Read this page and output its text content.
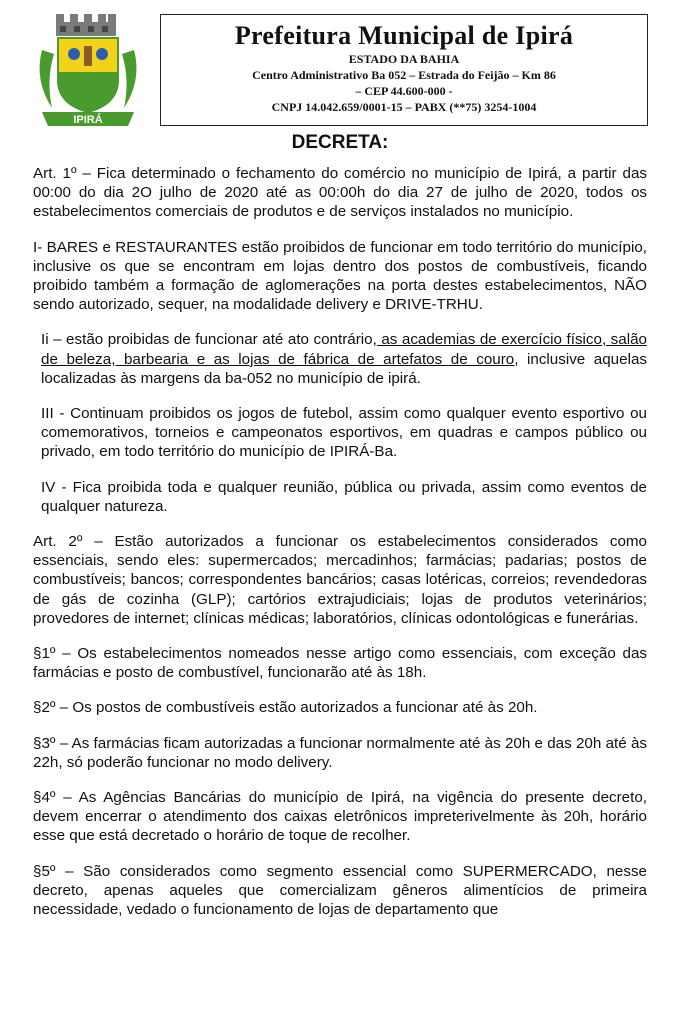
IPIRÁ
Prefeitura Municipal de Ipirá
ESTADO DA BAHIA
Centro Administrativo Ba 052 – Estrada do Feijão – Km 86
– CEP 44.600-000 -
CNPJ 14.042.659/0001-15 – PABX (**75) 3254-1004
DECRETA:

Art. 1º – Fica determinado o fechamento do comércio no município de Ipirá, a partir das 00:00 do dia 2O julho de 2020 até as 00:00h do dia 27 de julho de 2020, todos os estabelecimentos comerciais de produtos e de serviços instalados no município.

I- BARES e RESTAURANTES estão proibidos de funcionar em todo território do município, inclusive os que se encontram em lojas dentro dos postos de combustíveis, ficando proibido também a formação de aglomerações na porta destes estabelecimentos, NÃO sendo autorizado, sequer, na modalidade delivery e DRIVE-TRHU.

Ii – estão proibidas de funcionar até ato contrário, as academias de exercício físico, salão de beleza, barbearia e as lojas de fábrica de artefatos de couro, inclusive aquelas localizadas às margens da ba-052 no município de ipirá.

III - Continuam proibidos os jogos de futebol, assim como qualquer evento esportivo ou comemorativos, torneios e campeonatos esportivos, em quadras e campos público ou privado, em todo território do município de IPIRÁ-Ba.

IV - Fica proibida toda e qualquer reunião, pública ou privada, assim como eventos de qualquer natureza.

Art. 2º – Estão autorizados a funcionar os estabelecimentos considerados como essenciais, sendo eles: supermercados; mercadinhos; farmácias; padarias; postos de combustíveis; bancos; correspondentes bancários; casas lotéricas, correios; revendedoras de gás de cozinha (GLP); cartórios extrajudiciais; lojas de produtos veterinários; provedores de internet; clínicas médicas; laboratórios, clínicas odontológicas e funerárias.

§1º – Os estabelecimentos nomeados nesse artigo como essenciais, com exceção das farmácias e posto de combustível, funcionarão até às 18h.

§2º – Os postos de combustíveis estão autorizados a funcionar até às 20h.

§3º – As farmácias ficam autorizadas a funcionar normalmente até às 20h e das 20h até às 22h, só poderão funcionar no modo delivery.

§4º – As Agências Bancárias do município de Ipirá, na vigência do presente decreto, devem encerrar o atendimento dos caixas eletrônicos impreterivelmente às 20h, horário esse que está decretado o horário de toque de recolher.

§5º – São considerados como segmento essencial como SUPERMERCADO, nesse decreto, apenas aqueles que comercializam gêneros alimentícios de primeira necessidade, vedado o funcionamento de lojas de departamento que
